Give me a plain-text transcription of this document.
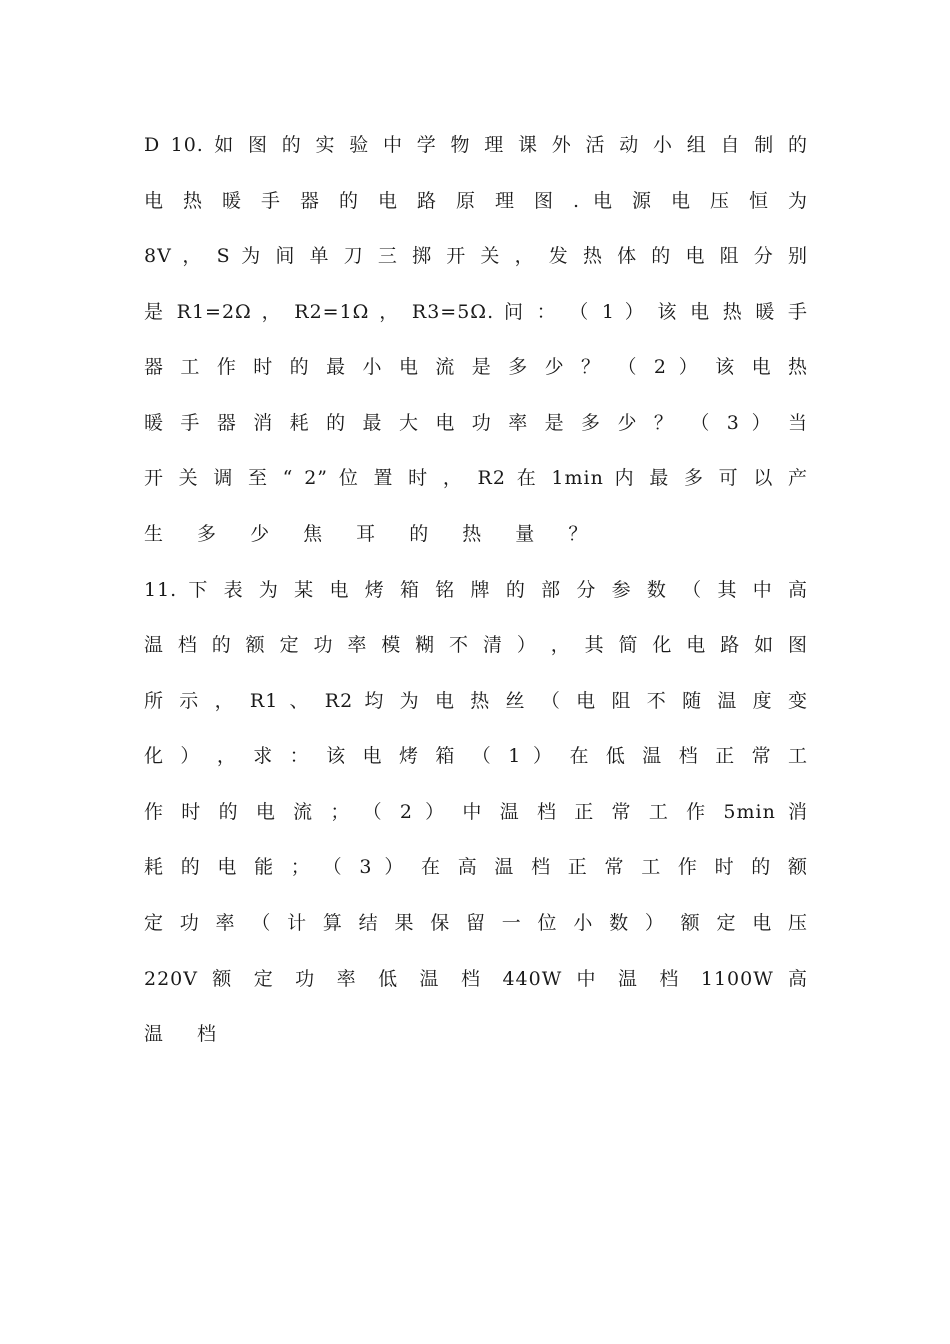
D 10. 如 图 的 实 验 中 学 物 理 课 外 活 动 小 组 自 制 的
电 热 暖 手 器 的 电 路 原 理 图 . 电 源 电 压 恒 为 　
8V ， S 为 间 单 刀 三 掷 开 关 ， 发 热 体 的 电 阻 分 别
是 R1=2Ω ， R2=1Ω ， R3=5Ω. 问 ： （ 1 ） 该 电 热 暖 手
器 工 作 时 的 最 小 电 流 是 多 少 ？ （ 2 ） 该 电 热
暖 手 器 消 耗 的 最 大 电 功 率 是 多 少 ？ （ 3 ） 当
开 关 调 至 “ 2” 位 置 时 ， R2 在 1min 内 最 多 可 以 产
生 多 少 焦 耳 的 热 量 ？
11. 下 表 为 某 电 烤 箱 铭 牌 的 部 分 参 数 （ 其 中 高
温 档 的 额 定 功 率 模 糊 不 清 ） ， 其 简 化 电 路 如 图
所 示 ， R1 、 R2 均 为 电 热 丝 （ 电 阻 不 随 温 度 变 　
化 ） ， 求 ： 该 电 烤 箱 （ 1 ） 在 低 温 档 正 常 工
作 时 的 电 流 ； （ 2 ） 中 温 档 正 常 工 作 5min 消
耗 的 电 能 ； （ 3 ） 在 高 温 档 正 常 工 作 时 的 额
定 功 率 （ 计 算 结 果 保 留 一 位 小 数 ） 额 定 电 压
220V 额 定 功 率 低 温 档 440W 中 温 档 1100W 高
温 档
